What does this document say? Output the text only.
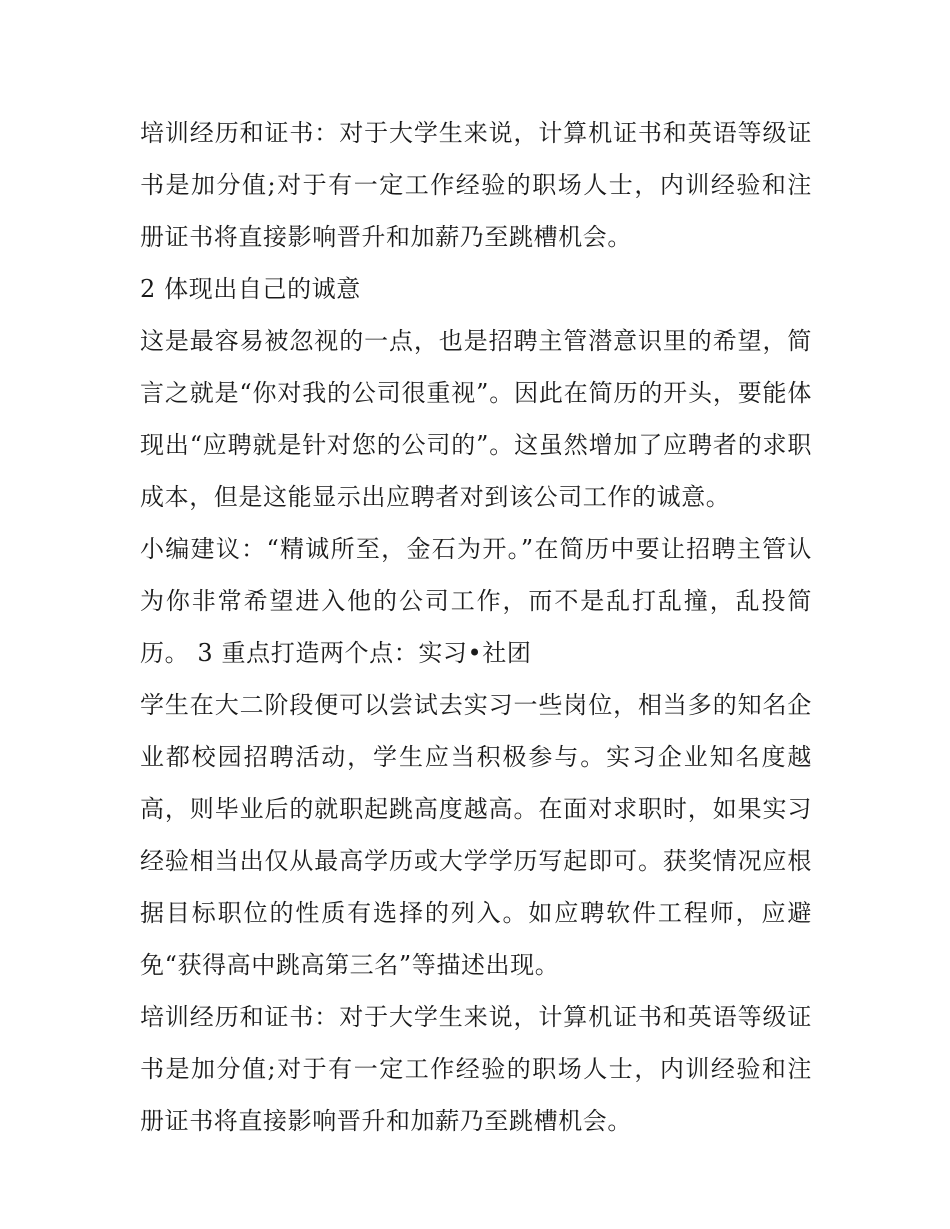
培训经历和证书：对于大学生来说，计算机证书和英语等级证书是加分值;对于有一定工作经验的职场人士，内训经验和注册证书将直接影响晋升和加薪乃至跳槽机会。

2 体现出自己的诚意

这是最容易被忽视的一点，也是招聘主管潜意识里的希望，简言之就是“你对我的公司很重视”。因此在简历的开头，要能体现出“应聘就是针对您的公司的”。这虽然增加了应聘者的求职成本，但是这能显示出应聘者对到该公司工作的诚意。

小编建议：“精诚所至，金石为开。”在简历中要让招聘主管认为你非常希望进入他的公司工作，而不是乱打乱撞，乱投简历。 3 重点打造两个点：实习•社团

学生在大二阶段便可以尝试去实习一些岗位，相当多的知名企业都校园招聘活动，学生应当积极参与。实习企业知名度越高，则毕业后的就职起跳高度越高。在面对求职时，如果实习经验相当出仅从最高学历或大学学历写起即可。获奖情况应根据目标职位的性质有选择的列入。如应聘软件工程师，应避免“获得高中跳高第三名”等描述出现。

培训经历和证书：对于大学生来说，计算机证书和英语等级证书是加分值;对于有一定工作经验的职场人士，内训经验和注册证书将直接影响晋升和加薪乃至跳槽机会。
